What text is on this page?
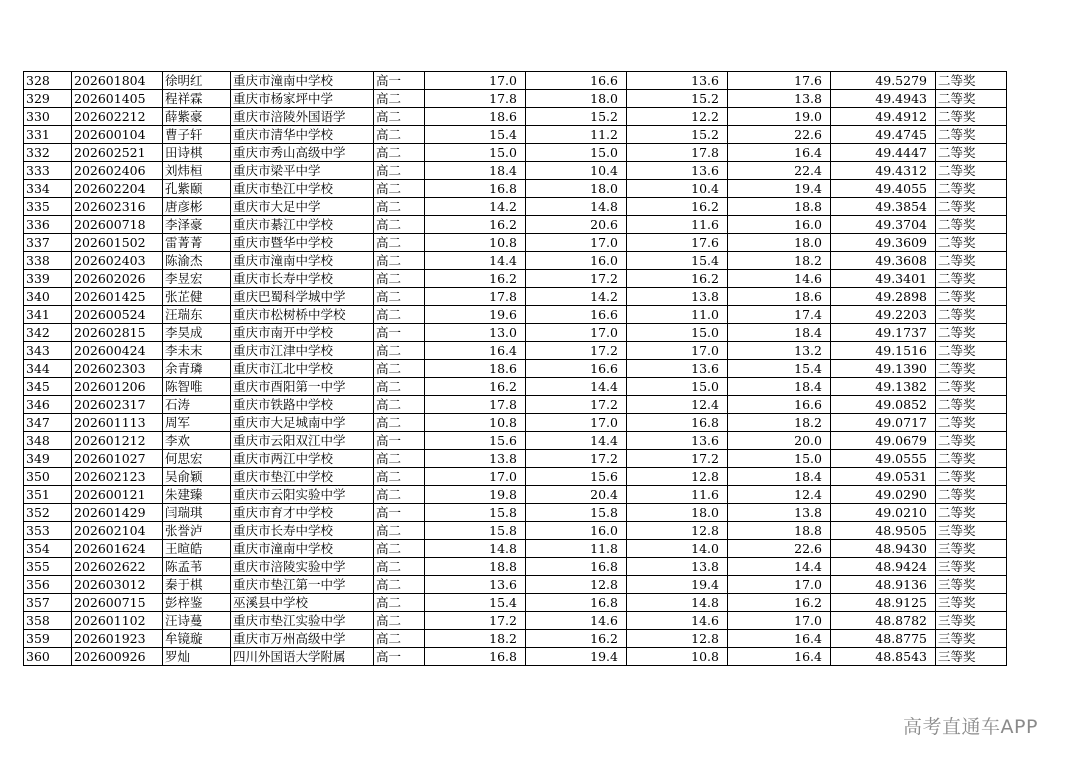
328	202601804	徐明红	重庆市潼南中学校	高一	17.0	16.6	13.6	17.6	49.5279	二等奖
329	202601405	程祥霖	重庆市杨家坪中学	高二	17.8	18.0	15.2	13.8	49.4943	二等奖
330	202602212	薛紫豪	重庆市涪陵外国语学	高二	18.6	15.2	12.2	19.0	49.4912	二等奖
331	202600104	曹子轩	重庆市清华中学校	高二	15.4	11.2	15.2	22.6	49.4745	二等奖
332	202602521	田诗棋	重庆市秀山高级中学	高二	15.0	15.0	17.8	16.4	49.4447	二等奖
333	202602406	刘炜桓	重庆市梁平中学	高二	18.4	10.4	13.6	22.4	49.4312	二等奖
334	202602204	孔紫颐	重庆市垫江中学校	高二	16.8	18.0	10.4	19.4	49.4055	二等奖
335	202602316	唐彦彬	重庆市大足中学	高二	14.2	14.8	16.2	18.8	49.3854	二等奖
336	202600718	李泽豪	重庆市綦江中学校	高二	16.2	20.6	11.6	16.0	49.3704	二等奖
337	202601502	雷菁菁	重庆市暨华中学校	高二	10.8	17.0	17.6	18.0	49.3609	二等奖
338	202602403	陈渝杰	重庆市潼南中学校	高二	14.4	16.0	15.4	18.2	49.3608	二等奖
339	202602026	李昱宏	重庆市长寿中学校	高二	16.2	17.2	16.2	14.6	49.3401	二等奖
340	202601425	张芷健	重庆巴蜀科学城中学	高二	17.8	14.2	13.8	18.6	49.2898	二等奖
341	202600524	汪瑞东	重庆市松树桥中学校	高二	19.6	16.6	11.0	17.4	49.2203	二等奖
342	202602815	李昊成	重庆市南开中学校	高一	13.0	17.0	15.0	18.4	49.1737	二等奖
343	202600424	李未末	重庆市江津中学校	高二	16.4	17.2	17.0	13.2	49.1516	二等奖
344	202602303	余青璘	重庆市江北中学校	高二	18.6	16.6	13.6	15.4	49.1390	二等奖
345	202601206	陈智唯	重庆市酉阳第一中学	高二	16.2	14.4	15.0	18.4	49.1382	二等奖
346	202602317	石涛	重庆市铁路中学校	高二	17.8	17.2	12.4	16.6	49.0852	二等奖
347	202601113	周军	重庆市大足城南中学	高二	10.8	17.0	16.8	18.2	49.0717	二等奖
348	202601212	李欢	重庆市云阳双江中学	高一	15.6	14.4	13.6	20.0	49.0679	二等奖
349	202601027	何思宏	重庆市两江中学校	高二	13.8	17.2	17.2	15.0	49.0555	二等奖
350	202602123	吴俞颖	重庆市垫江中学校	高二	17.0	15.6	12.8	18.4	49.0531	二等奖
351	202600121	朱建臻	重庆市云阳实验中学	高二	19.8	20.4	11.6	12.4	49.0290	二等奖
352	202601429	闫瑞琪	重庆市育才中学校	高一	15.8	15.8	18.0	13.8	49.0210	二等奖
353	202602104	张誉泸	重庆市长寿中学校	高二	15.8	16.0	12.8	18.8	48.9505	三等奖
354	202601624	王暄皓	重庆市潼南中学校	高二	14.8	11.8	14.0	22.6	48.9430	三等奖
355	202602622	陈孟苇	重庆市涪陵实验中学	高二	18.8	16.8	13.8	14.4	48.9424	三等奖
356	202603012	秦于棋	重庆市垫江第一中学	高二	13.6	12.8	19.4	17.0	48.9136	三等奖
357	202600715	彭梓鉴	巫溪县中学校	高二	15.4	16.8	14.8	16.2	48.9125	三等奖
358	202601102	汪诗蔓	重庆市垫江实验中学	高二	17.2	14.6	14.6	17.0	48.8782	三等奖
359	202601923	牟镜璇	重庆市万州高级中学	高二	18.2	16.2	12.8	16.4	48.8775	三等奖
360	202600926	罗灿	四川外国语大学附属	高一	16.8	19.4	10.8	16.4	48.8543	三等奖
高考直通车APP
